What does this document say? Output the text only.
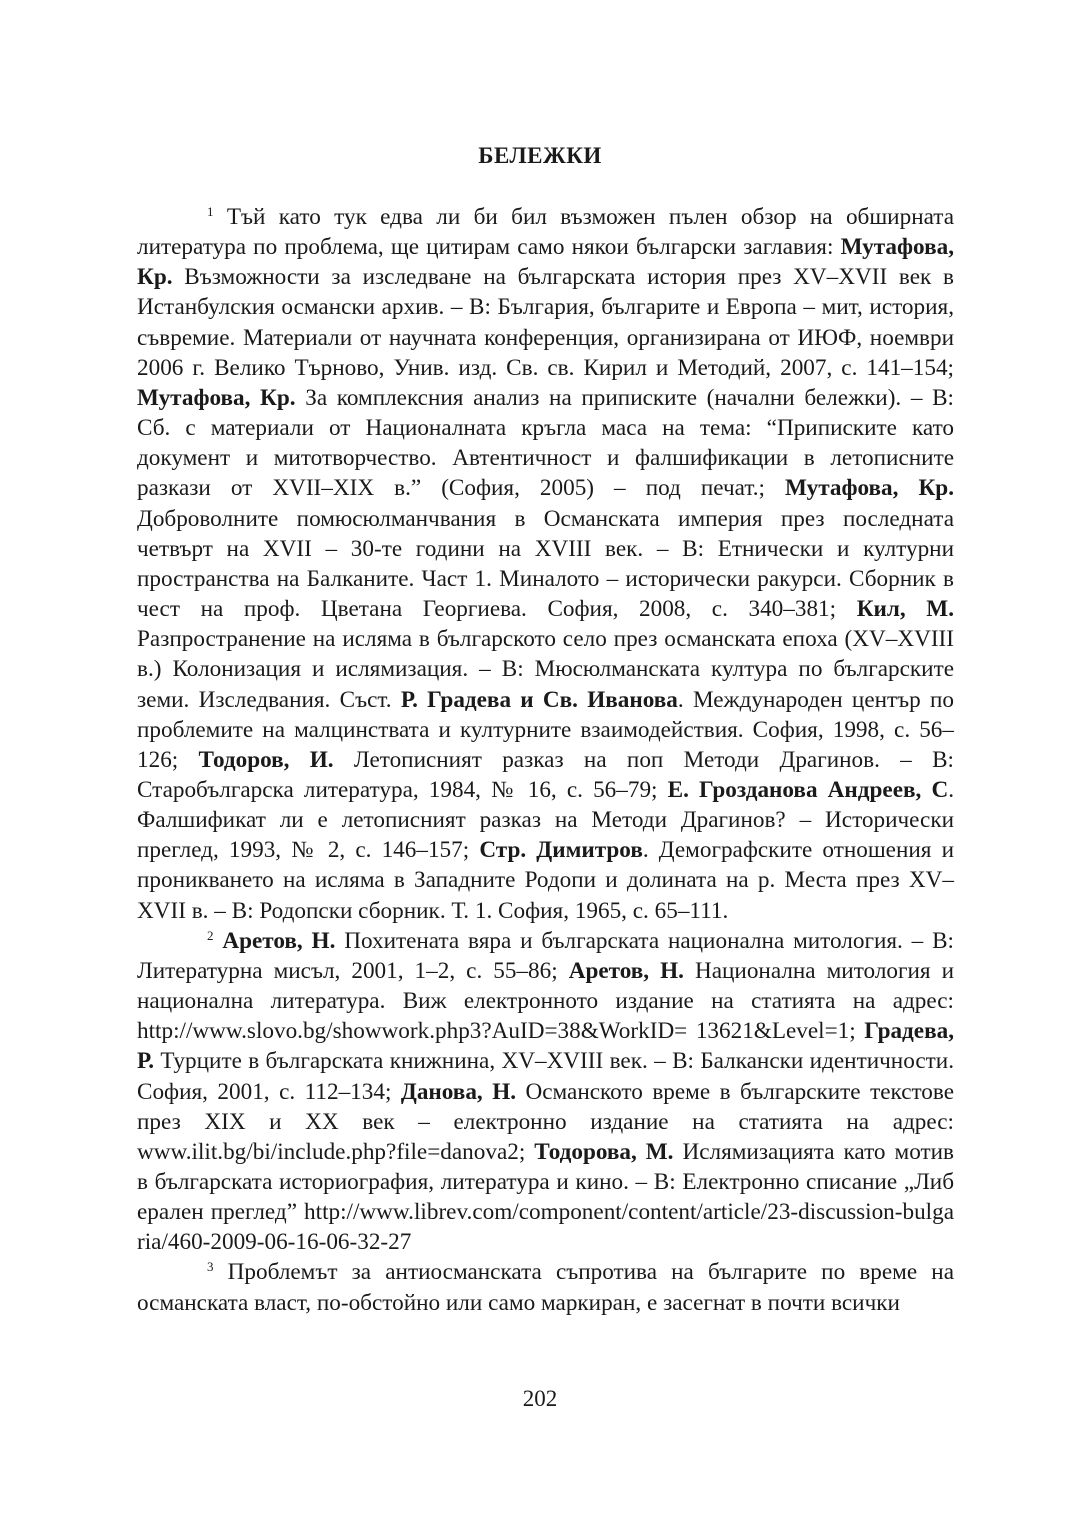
БЕЛЕЖКИ

$^1$ Тъй като тук едва ли би бил възможен пълен обзор на обширната литература по проблема, ще цитирам само някои български заглавия: Мутафова, Кр. Възможности за изследване на българската история през XV–XVII век в Истанбулския османски архив. – В: България, българите и Европа – мит, история, съвремие. Материали от научната конференция, организирана от ИЮФ, ноември 2006 г. Велико Търново, Унив. изд. Св. св. Кирил и Методий, 2007, с. 141–154; Мутафова, Кр. За комплексния анализ на приписките (начални бележки). – В: Сб. с материали от Националната кръгла маса на тема: “Приписките като документ и митотворчество. Автентичност и фалшификации в летописните разкази от XVII–XIX в.” (София, 2005) – под печат.; Мутафова, Кр. Доброволните помюсюлманчвания в Османската империя през последната четвърт на XVII – 30-те години на XVIII век. – В: Етнически и културни пространства на Балканите. Част 1. Миналото – исторически ракурси. Сборник в чест на проф. Цветана Георгиева. София, 2008, с. 340–381; Кил, М. Разпространение на исляма в българското село през османската епоха (XV–XVIII в.) Колонизация и ислямизация. – В: Мюсюлманската култура по българските земи. Изследвания. Съст. Р. Градева и Св. Иванова. Международен център по проблемите на малцинствата и културните взаимодействия. София, 1998, с. 56–126; Тодоров, И. Летописният разказ на поп Методи Драгинов. – В: Старобългарска литература, 1984, № 16, с. 56–79; Е. Грозданова Андреев, С. Фалшификат ли е летописният разказ на Методи Драгинов? – Исторически преглед, 1993, № 2, с. 146–157; Стр. Димитров. Демографските отношения и проникването на исляма в Западните Родопи и долината на р. Места през XV–XVII в. – В: Родопски сборник. Т. 1. София, 1965, с. 65–111.

$^2$ Аретов, Н. Похитената вяра и българската национална митология. – В: Литературна мисъл, 2001, 1–2, с. 55–86; Аретов, Н. Национална митология и национална литература. Виж електронното издание на статията на адрес: http://www.slovo.bg/showwork.php3?AuID=38&WorkID= 13621&Level=1; Градева, Р. Турците в българската книжнина, XV–XVIII век. – В: Балкански идентичности. София, 2001, с. 112–134; Данова, Н. Османското време в българските текстове през XIX и XX век – електронно издание на статията на адрес: www.ilit.bg/bi/include.php?file=danova2; Тодорова, М. Ислямизацията като мотив в българската историография, литература и кино. – В: Електронно списание „Либерален преглед” http://www.librev.com/component/content/article/23-discussion-bulgaria/460-2009-06-16-06-32-27

$^3$ Проблемът за антиосманската съпротива на българите по време на османската власт, по-обстойно или само маркиран, е засегнат в почти всички

202
